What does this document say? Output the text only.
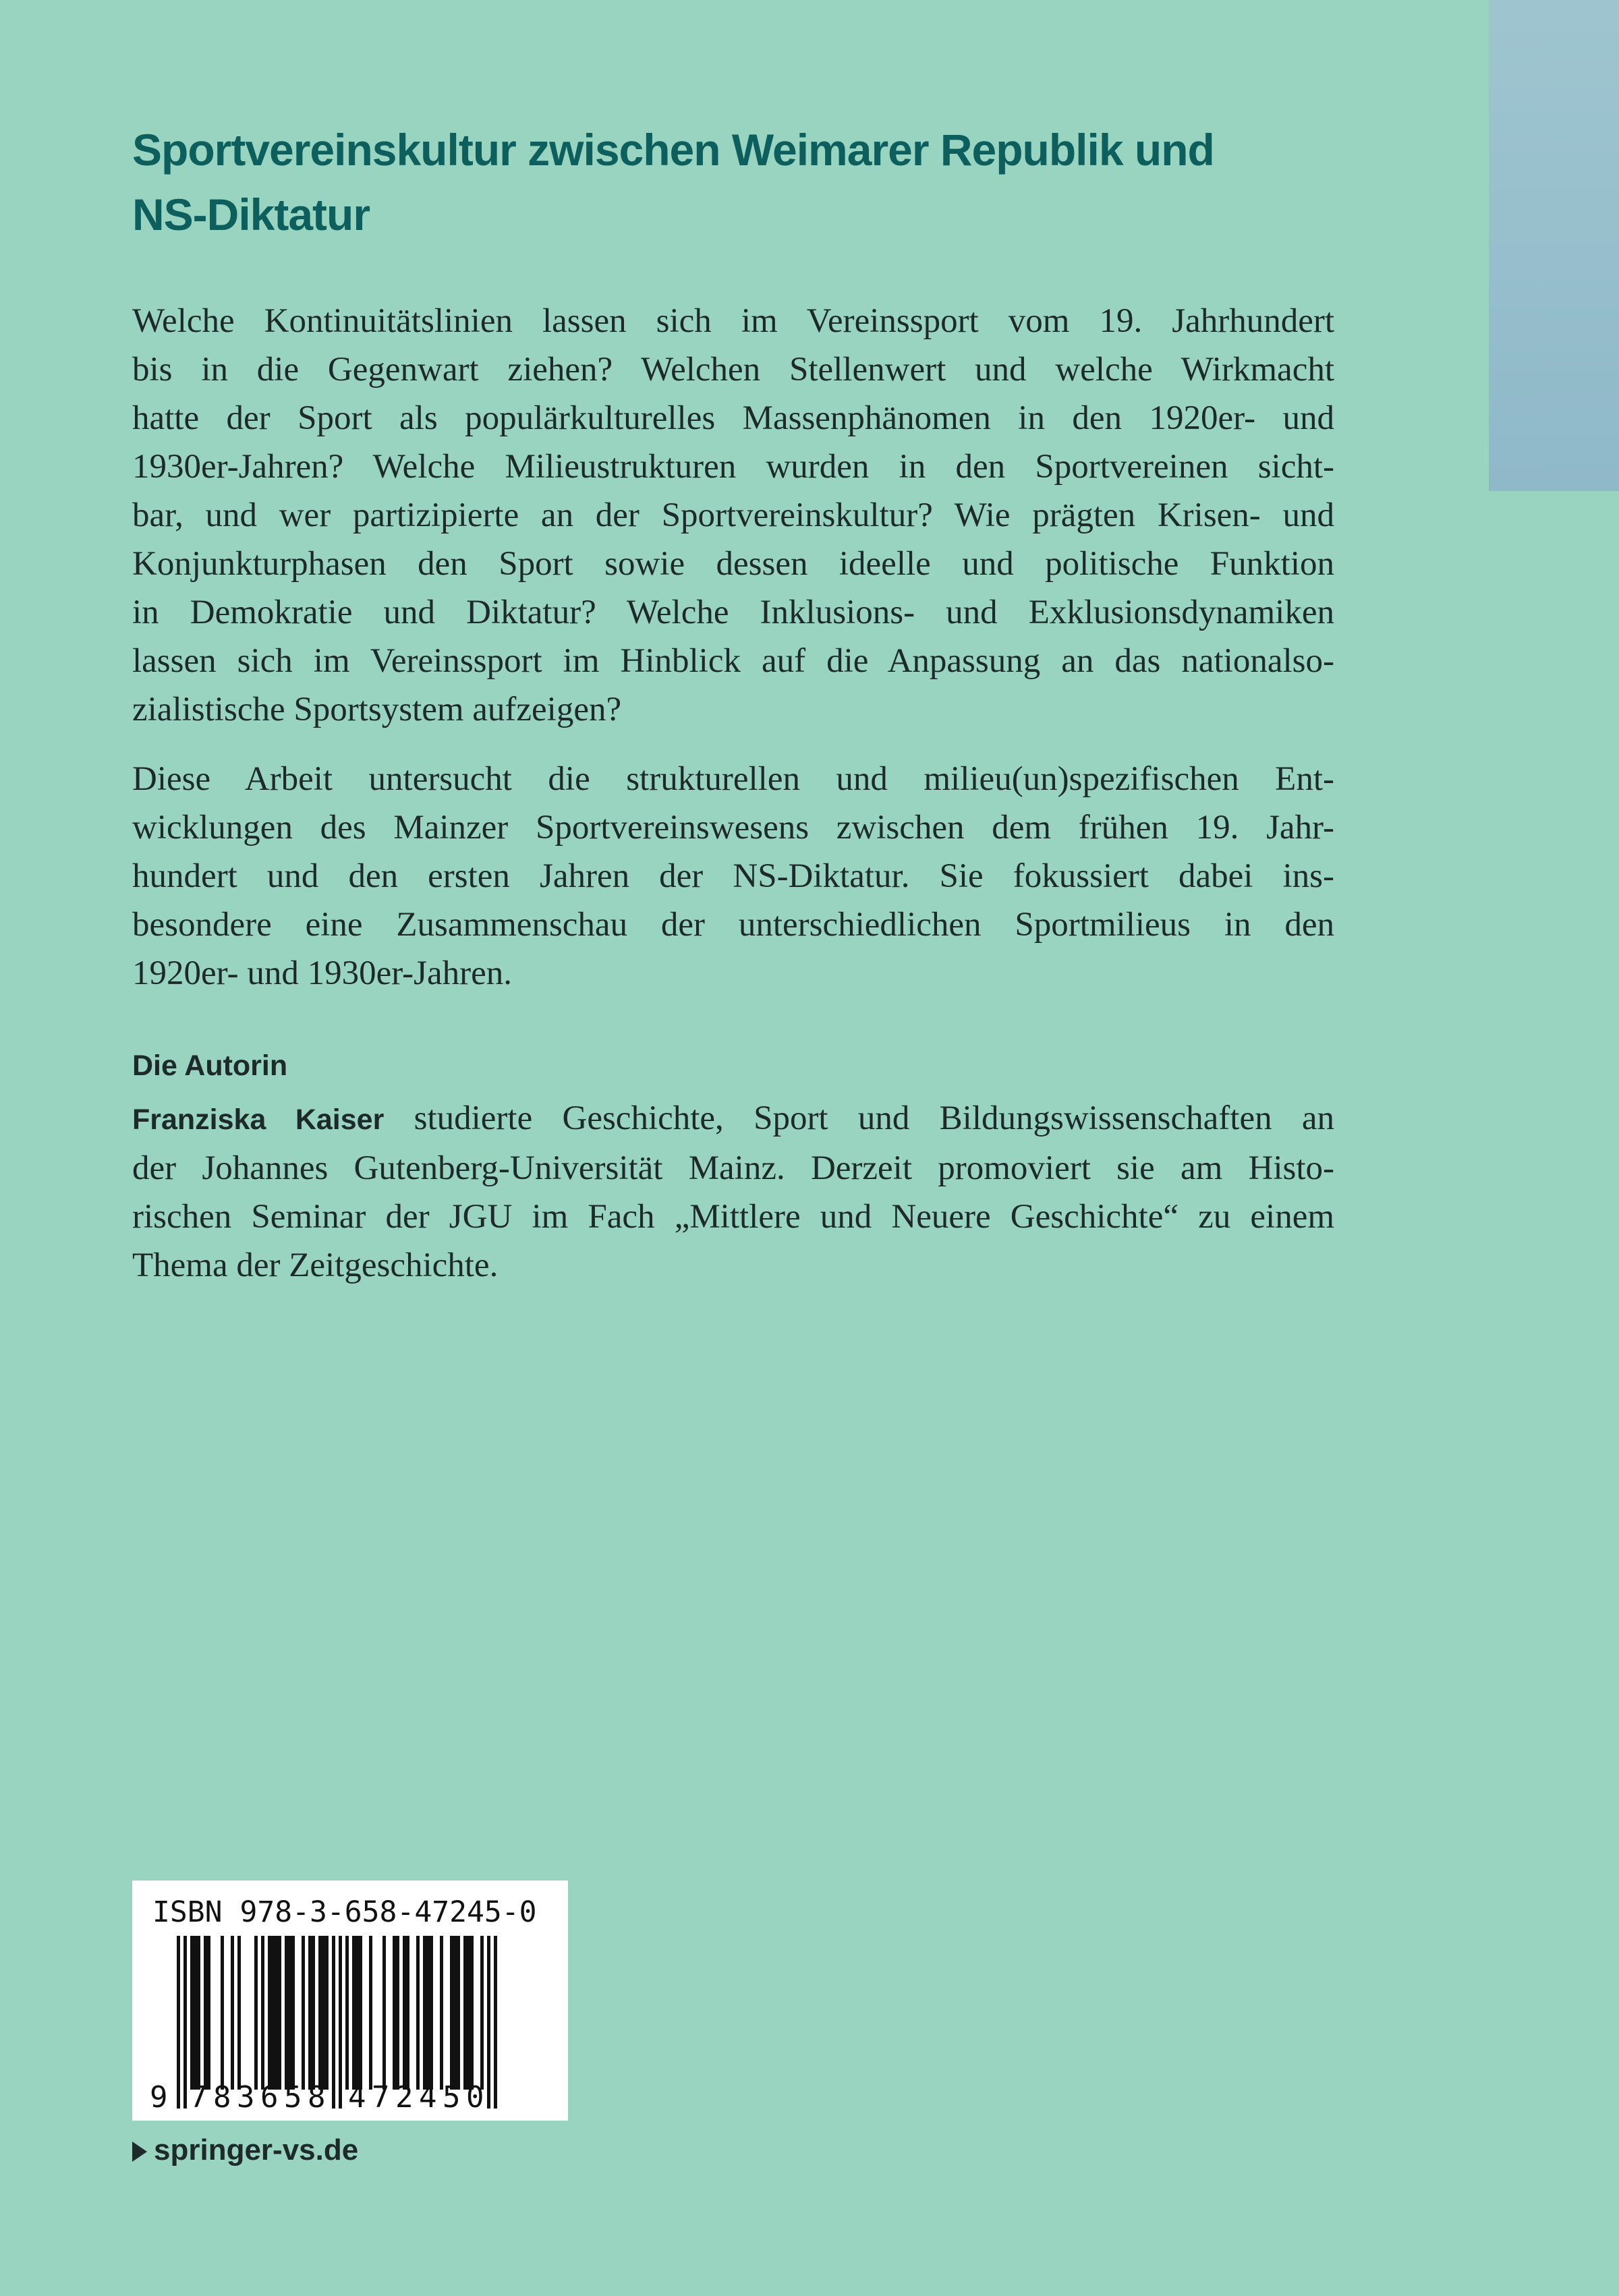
Sportvereinskultur zwischen Weimarer Republik und
NS-Diktatur

Welche Kontinuitätslinien lassen sich im Vereinssport vom 19. Jahrhundert
bis in die Gegenwart ziehen? Welchen Stellenwert und welche Wirkmacht
hatte der Sport als populärkulturelles Massenphänomen in den 1920er- und
1930er-Jahren? Welche Milieustrukturen wurden in den Sportvereinen sicht-
bar, und wer partizipierte an der Sportvereinskultur? Wie prägten Krisen- und
Konjunkturphasen den Sport sowie dessen ideelle und politische Funktion
in Demokratie und Diktatur? Welche Inklusions- und Exklusionsdynamiken
lassen sich im Vereinssport im Hinblick auf die Anpassung an das nationalso-
zialistische Sportsystem aufzeigen?

Diese Arbeit untersucht die strukturellen und milieu(un)spezifischen Ent-
wicklungen des Mainzer Sportvereinswesens zwischen dem frühen 19. Jahr-
hundert und den ersten Jahren der NS-Diktatur. Sie fokussiert dabei ins-
besondere eine Zusammenschau der unterschiedlichen Sportmilieus in den
1920er- und 1930er-Jahren.

Die Autorin

Franziska Kaiser studierte Geschichte, Sport und Bildungswissenschaften an
der Johannes Gutenberg-Universität Mainz. Derzeit promoviert sie am Histo-
rischen Seminar der JGU im Fach „Mittlere und Neuere Geschichte“ zu einem
Thema der Zeitgeschichte.

ISBN 978-3-658-47245-0
9 7 8 3 6 5 8 4 7 2 4 5 0
springer-vs.de
